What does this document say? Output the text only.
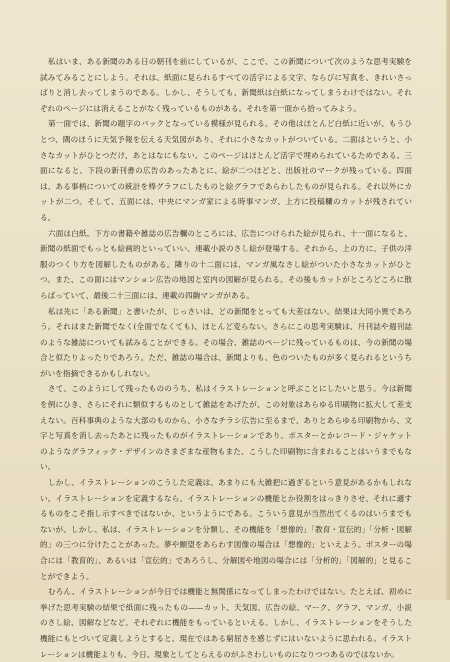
私はいま、ある新聞のある日の朝刊を前にしているが、ここで、この新聞について次のような思考実験を試みてみることにしよう。それは、紙面に見られるすべての活字による文字、ならびに写真を、きれいさっぱりと消し去ってしまうのである。しかし、そうしても、新聞紙は白紙になってしまうわけではない。それぞれのページには消えることがなく残っているものがある。それを第一面から拾ってみよう。

第一面では、新聞の題字のバックとなっている模様が見られる。その他はほとんど白紙に近いが、もうひとつ、隅のほうに天気予報を伝える天気図があり、それに小さなカットがついている。二面はというと、小さなカットがひとつだけ、あとはなにもない。このページはほとんど活字で埋められているためである。三面になると、下段の新刊書の広告のあったあとに、絵が二つほどと、出版社のマークが残っている。四面は、ある事柄についての統計を棒グラフにしたものと絵グラフであらわしたものが見られる。それ以外にカットが二つ。そして、五面には、中央にマンガ家による時事マンガ、上方に投稿欄のカットが残されている。

六面は白紙。下方の書籍や雑誌の広告欄のところには、広告につけられた絵が見られ、十一面になると、新聞の紙面でもっとも絵画的といっていい、連載小説のさし絵が登場する。それから、上の方に、子供の洋服のつくり方を図解したものがある。隣りの十二面には、マンガ風なさし絵がついた小さなカットがひとつ。また、この面にはマンション広告の地図と室内の図解が見られる。その後もカットがところどころに散らばっていて、最後二十三面には、連載の四齣マンガがある。

私は先に「ある新聞」と書いたが、じっさいは、どの新聞をとっても大差はない。結果は大同小異であろう。それはまた新聞でなく(全面でなくても)、ほとんど変らない。さらにこの思考実験は、月刊誌や週刊誌のような雑誌についても試みることができる。その場合、雑誌のページに残っているものは、今の新聞の場合と似たりよったりであろう。ただ、雑誌の場合は、新聞よりも、色のついたものが多く見られるというちがいを指摘できるかもしれない。

さて、このようにして残ったもののうち、私はイラストレーションと呼ぶことにしたいと思う。今は新聞を例にひき、さらにそれに類似するものとして雑誌をあげたが、この対象はあらゆる印刷物に拡大して差支えない。百科事典のような大部のものから、小さなチラシ広告に至るまで、ありとあらゆる印刷物から、文字と写真を消し去ったあとに残ったものがイラストレーションであり、ポスターとかレコード・ジャケットのようなグラフィック・デザインのさまざまな産物もまた、こうした印刷物に含まれることはいうまでもない。

しかし、イラストレーションのこうした定義は、あまりにも大雑把に過ぎるという意見があるかもしれない。イラストレーションを定義するなら、イラストレーションの機能とか役割をはっきりさせ、それに適するものをこそ指し示すべきではないか、というようにである。こういう意見が当然出てくるのはいうまでもないが、しかし、私は、イラストレーションを分類し、その機能を「想像的」「教育・宣伝的」「分析・図解的」の三つに分けたことがあった。夢や願望をあらわす図像の場合は「想像的」といえよう。ポスターの場合には「教育的」、あるいは「宣伝的」であろうし、分解図や地図の場合には「分析的」「図解的」と見ることができよう。

むろん、イラストレーションが今日では機能と無関係になってしまったわけではない。たとえば、初めに挙げた思考実験の結果で紙面に残ったもの——カット、天気図、広告の絵、マーク、グラフ、マンガ、小説のさし絵、図解などなど、それぞれに機能をもっているといえる。しかし、イラストレーションをそうした機能にもとづいて定義しようとすると、現在ではある窮屈さを感じずにはいないように思われる。イラストレーションは機能よりも、今日、現象としてとらえるのがふさわしいものになりつつあるのではないか。
